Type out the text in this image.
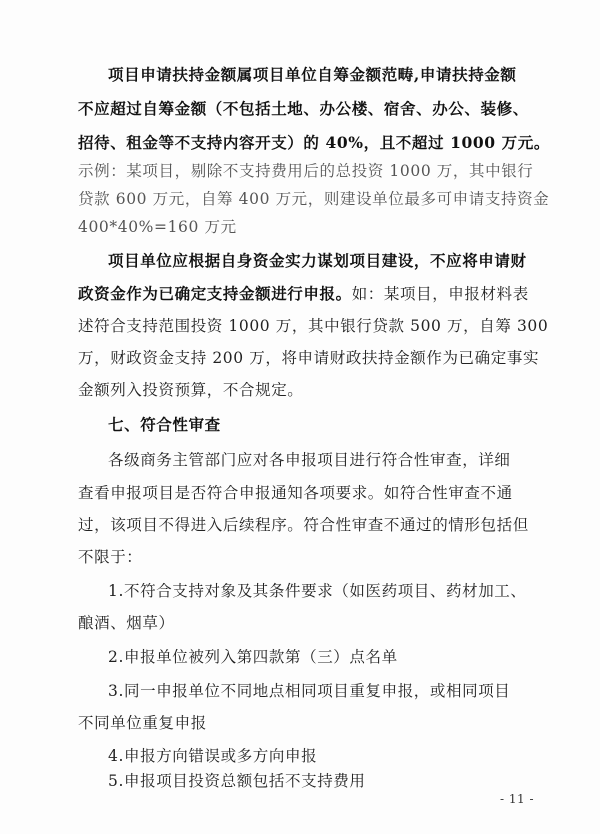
项目申请扶持金额属项目单位自筹金额范畴,申请扶持金额
不应超过自筹金额（不包括土地、办公楼、宿舍、办公、装修、
招待、租金等不支持内容开支）的 40%，且不超过 1000 万元。
示例：某项目，剔除不支持费用后的总投资 1000 万，其中银行
贷款 600 万元，自筹 400 万元，则建设单位最多可申请支持资金
400*40%=160 万元
项目单位应根据自身资金实力谋划项目建设，不应将申请财
政资金作为已确定支持金额进行申报。如：某项目，申报材料表
述符合支持范围投资 1000 万，其中银行贷款 500 万，自筹 300
万，财政资金支持 200 万，将申请财政扶持金额作为已确定事实
金额列入投资预算，不合规定。
七、符合性审查
各级商务主管部门应对各申报项目进行符合性审查，详细
查看申报项目是否符合申报通知各项要求。如符合性审查不通
过，该项目不得进入后续程序。符合性审查不通过的情形包括但
不限于：
1.不符合支持对象及其条件要求（如医药项目、药材加工、
酿酒、烟草）
2.申报单位被列入第四款第（三）点名单
3.同一申报单位不同地点相同项目重复申报，或相同项目
不同单位重复申报
4.申报方向错误或多方向申报
5.申报项目投资总额包括不支持费用
- 11 -
